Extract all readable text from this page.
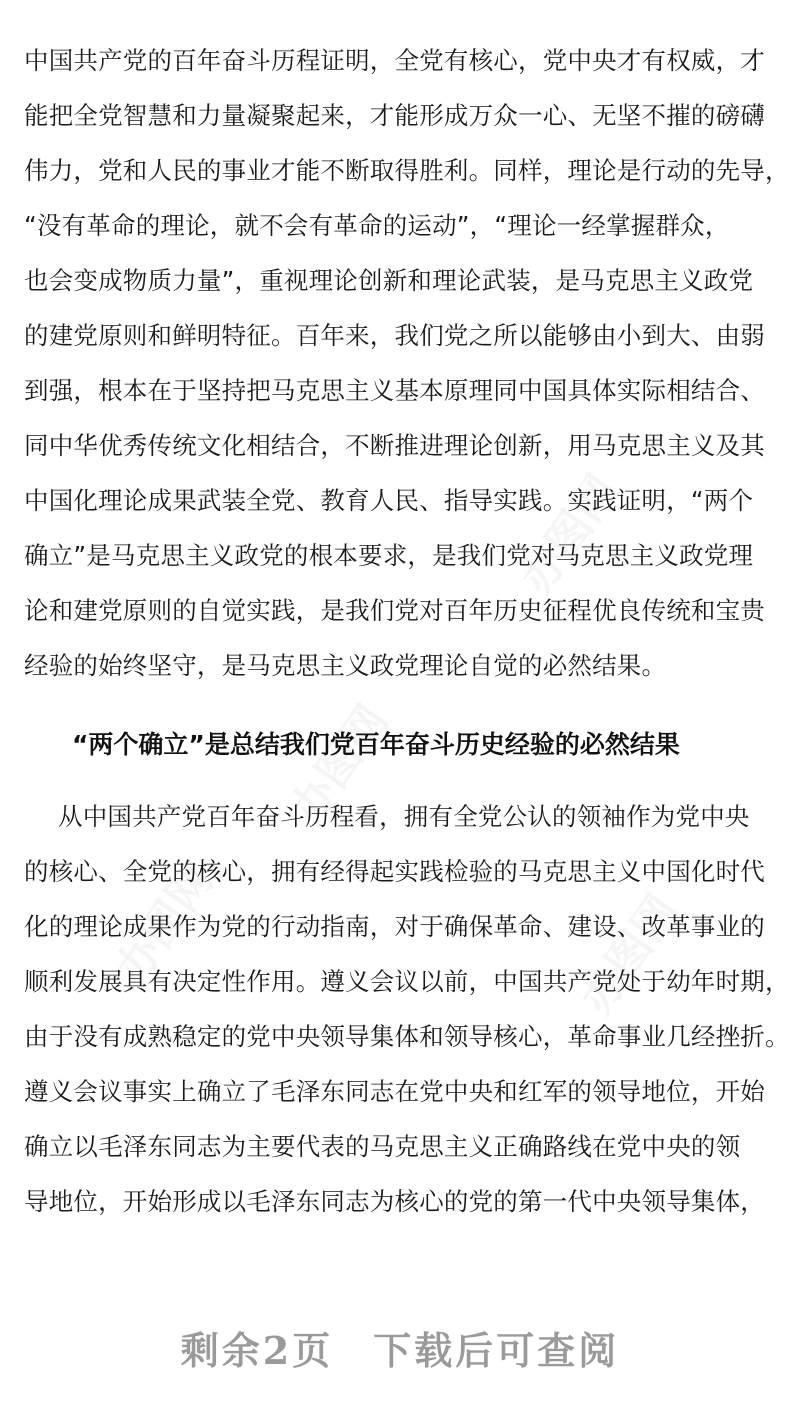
办图网
办图网
办图网	办图网
中国共产党的百年奋斗历程证明，全党有核心，党中央才有权威，才
能把全党智慧和力量凝聚起来，才能形成万众一心、无坚不摧的磅礴
伟力，党和人民的事业才能不断取得胜利。同样，理论是行动的先导，
“没有革命的理论，就不会有革命的运动”，“理论一经掌握群众，
也会变成物质力量”，重视理论创新和理论武装，是马克思主义政党
的建党原则和鲜明特征。百年来，我们党之所以能够由小到大、由弱
到强，根本在于坚持把马克思主义基本原理同中国具体实际相结合、
同中华优秀传统文化相结合，不断推进理论创新，用马克思主义及其
中国化理论成果武装全党、教育人民、指导实践。实践证明，“两个
确立”是马克思主义政党的根本要求，是我们党对马克思主义政党理
论和建党原则的自觉实践，是我们党对百年历史征程优良传统和宝贵
经验的始终坚守，是马克思主义政党理论自觉的必然结果。
“两个确立”是总结我们党百年奋斗历史经验的必然结果
从中国共产党百年奋斗历程看，拥有全党公认的领袖作为党中央
的核心、全党的核心，拥有经得起实践检验的马克思主义中国化时代
化的理论成果作为党的行动指南，对于确保革命、建设、改革事业的
顺利发展具有决定性作用。遵义会议以前，中国共产党处于幼年时期，
由于没有成熟稳定的党中央领导集体和领导核心，革命事业几经挫折。
遵义会议事实上确立了毛泽东同志在党中央和红军的领导地位，开始
确立以毛泽东同志为主要代表的马克思主义正确路线在党中央的领
导地位，开始形成以毛泽东同志为核心的党的第一代中央领导集体，
剩余2页 下载后可查阅
